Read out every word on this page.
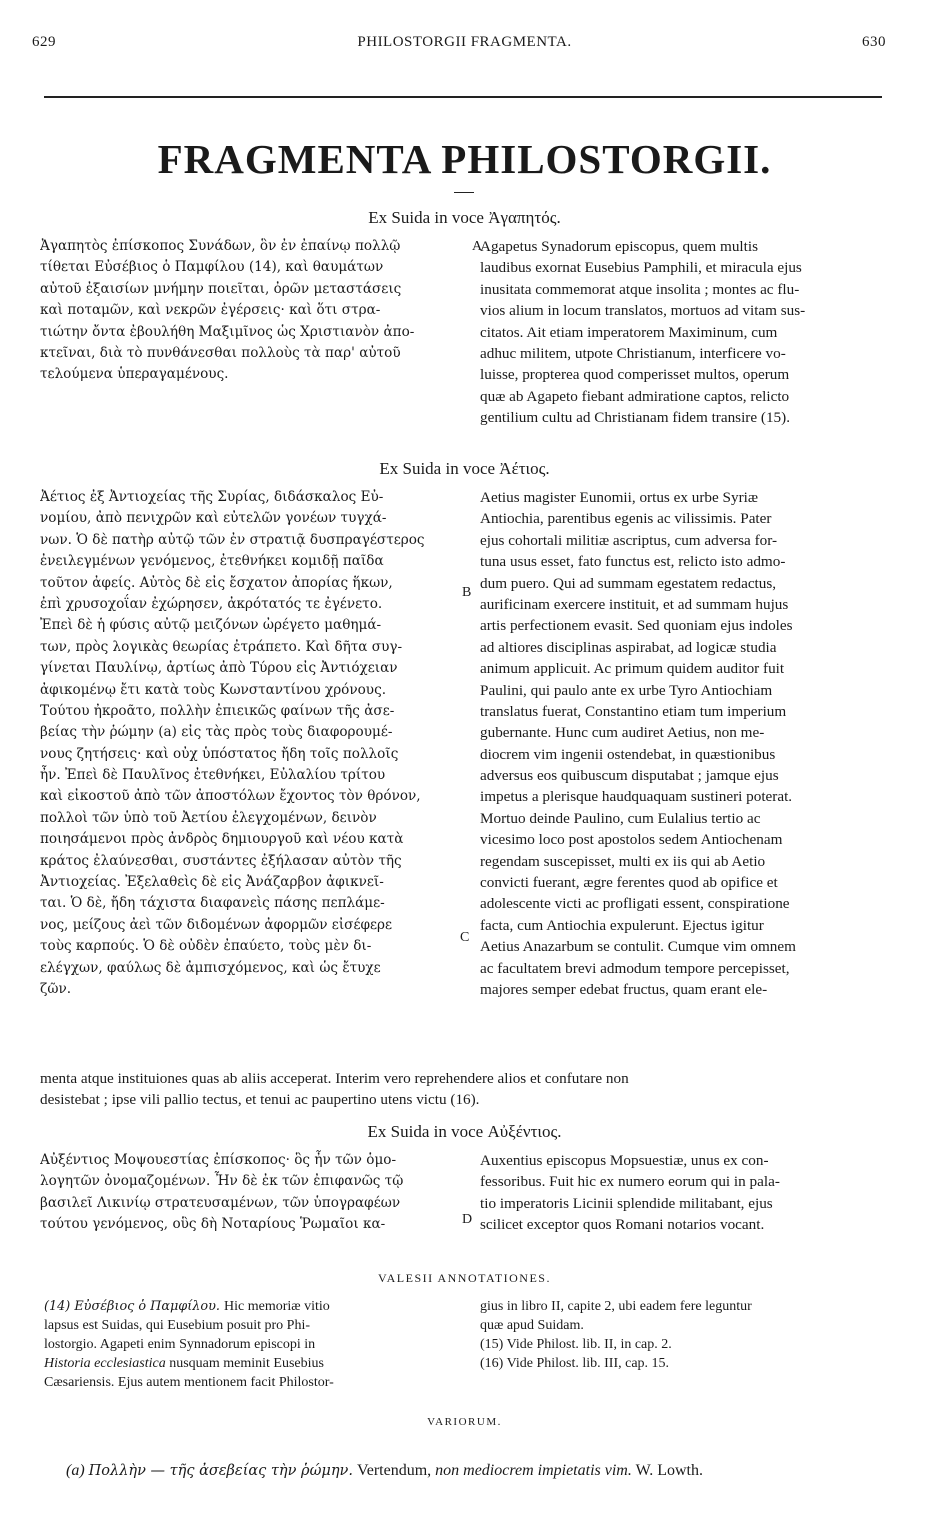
629	PHILOSTORGII FRAGMENTA.	630
FRAGMENTA PHILOSTORGII.
Ex Suida in voce Ἀγαπητός.
Ἀγαπητὸς ἐπίσκοπος Συνάδων, ὃν ἐν ἐπαίνῳ πολλῷ
τίθεται Εὐσέβιος ὁ Παμφίλου (14), καὶ θαυμάτων
αὐτοῦ ἐξαισίων μνήμην ποιεῖται, ὀρῶν μεταστάσεις
καὶ ποταμῶν, καὶ νεκρῶν ἐγέρσεις· καὶ ὅτι στρα-
τιώτην ὄντα ἐβουλήθη Μαξιμῖνος ὡς Χριστιανὸν ἀπο-
κτεῖναι, διὰ τὸ πυνθάνεσθαι πολλοὺς τὰ παρ' αὐτοῦ
τελούμενα ὑπεραγαμένους.
A
Agapetus Synadorum episcopus, quem multis
laudibus exornat Eusebius Pamphili, et miracula ejus
inusitata commemorat atque insolita ; montes ac flu-
vios alium in locum translatos, mortuos ad vitam sus-
citatos. Ait etiam imperatorem Maximinum, cum
adhuc militem, utpote Christianum, interficere vo-
luisse, propterea quod comperisset multos, operum
quæ ab Agapeto fiebant admiratione captos, relicto
gentilium cultu ad Christianam fidem transire (15).
Ex Suida in voce Ἀέτιος.
Ἀέτιος ἐξ Ἀντιοχείας τῆς Συρίας, διδάσκαλος Εὐ-
νομίου, ἀπὸ πενιχρῶν καὶ εὐτελῶν γονέων τυγχά-
νων. Ὁ δὲ πατὴρ αὐτῷ τῶν ἐν στρατιᾷ δυσπραγέστερος
ἐνειλεγμένων γενόμενος, ἐτεθνήκει κομιδῇ παῖδα
τοῦτον ἀφείς. Αὐτὸς δὲ εἰς ἔσχατον ἀπορίας ἥκων,
ἐπὶ χρυσοχοΐαν ἐχώρησεν, ἀκρότατός τε ἐγένετο.
Ἐπεὶ δὲ ἡ φύσις αὐτῷ μειζόνων ὠρέγετο μαθημά-
των, πρὸς λογικὰς θεωρίας ἐτράπετο. Καὶ δῆτα συγ-
γίνεται Παυλίνῳ, ἀρτίως ἀπὸ Τύρου εἰς Ἀντιόχειαν
ἀφικομένῳ ἔτι κατὰ τοὺς Κωνσταντίνου χρόνους.
Τούτου ἠκροᾶτο, πολλὴν ἐπιεικῶς φαίνων τῆς ἀσε-
βείας τὴν ῥώμην (a) εἰς τὰς πρὸς τοὺς διαφορουμέ-
νους ζητήσεις· καὶ οὐχ ὑπόστατος ἤδη τοῖς πολλοῖς
ἦν. Ἐπεὶ δὲ Παυλῖνος ἐτεθνήκει, Εὐλαλίου τρίτου
καὶ εἰκοστοῦ ἀπὸ τῶν ἀποστόλων ἔχοντος τὸν θρόνον,
πολλοὶ τῶν ὑπὸ τοῦ Ἀετίου ἐλεγχομένων, δεινὸν
ποιησάμενοι πρὸς ἀνδρὸς δημιουργοῦ καὶ νέου κατὰ
κράτος ἐλαύνεσθαι, συστάντες ἐξήλασαν αὐτὸν τῆς
Ἀντιοχείας. Ἐξελαθεὶς δὲ εἰς Ἀνάζαρβον ἀφικνεῖ-
ται. Ὁ δὲ, ἤδη τάχιστα διαφανεὶς πάσης πεπλάμε-
νος, μείζους ἀεὶ τῶν διδομένων ἀφορμῶν εἰσέφερε
τοὺς καρπούς. Ὁ δὲ οὐδὲν ἐπαύετο, τοὺς μὲν δι-
ελέγχων, φαύλως δὲ ἀμπισχόμενος, καὶ ὡς ἔτυχε
ζῶν.
B
C
Aetius magister Eunomii, ortus ex urbe Syriæ
Antiochia, parentibus egenis ac vilissimis. Pater
ejus cohortali militiæ ascriptus, cum adversa for-
tuna usus esset, fato functus est, relicto isto admo-
dum puero. Qui ad summam egestatem redactus,
aurificinam exercere instituit, et ad summam hujus
artis perfectionem evasit. Sed quoniam ejus indoles
ad altiores disciplinas aspirabat, ad logicæ studia
animum applicuit. Ac primum quidem auditor fuit
Paulini, qui paulo ante ex urbe Tyro Antiochiam
translatus fuerat, Constantino etiam tum imperium
gubernante. Hunc cum audiret Aetius, non me-
diocrem vim ingenii ostendebat, in quæstionibus
adversus eos quibuscum disputabat ; jamque ejus
impetus a plerisque haudquaquam sustineri poterat.
Mortuo deinde Paulino, cum Eulalius tertio ac
vicesimo loco post apostolos sedem Antiochenam
regendam suscepisset, multi ex iis qui ab Aetio
convicti fuerant, ægre ferentes quod ab opifice et
adolescente victi ac profligati essent, conspiratione
facta, cum Antiochia expulerunt. Ejectus igitur
Aetius Anazarbum se contulit. Cumque vim omnem
ac facultatem brevi admodum tempore percepisset,
majores semper edebat fructus, quam erant ele-
menta atque instituiones quas ab aliis acceperat. Interim vero reprehendere alios et confutare non
desistebat ; ipse vili pallio tectus, et tenui ac paupertino utens victu (16).
Ex Suida in voce Αὐξέντιος.
Αὐξέντιος Μοψουεστίας ἐπίσκοπος· ὃς ἦν τῶν ὁμο-
λογητῶν ὀνομαζομένων. Ἦν δὲ ἐκ τῶν ἐπιφανῶς τῷ
βασιλεῖ Λικινίῳ στρατευσαμένων, τῶν ὑπογραφέων
τούτου γενόμενος, οὓς δὴ Νοταρίους Ῥωμαῖοι κα-	D
Auxentius episcopus Mopsuestiæ, unus ex con-
fessoribus. Fuit hic ex numero eorum qui in pala-
tio imperatoris Licinii splendide militabant, ejus
scilicet exceptor quos Romani notarios vocant.
VALESII ANNOTATIONES.
(14) Εὐσέβιος ὁ Παμφίλου. Hic memoriæ vitio
lapsus est Suidas, qui Eusebium posuit pro Phi-
lostorgio. Agapeti enim Synnadorum episcopi in
Historia ecclesiastica nusquam meminit Eusebius
Cæsariensis. Ejus autem mentionem facit Philostor-
gius in libro II, capite 2, ubi eadem fere leguntur
quæ apud Suidam.
(15) Vide Philost. lib. II, in cap. 2.
(16) Vide Philost. lib. III, cap. 15.
VARIORUM.
(a) Πολλὴν — τῆς ἀσεβείας τὴν ῥώμην. Vertendum, non mediocrem impietatis vim. W. Lowth.
